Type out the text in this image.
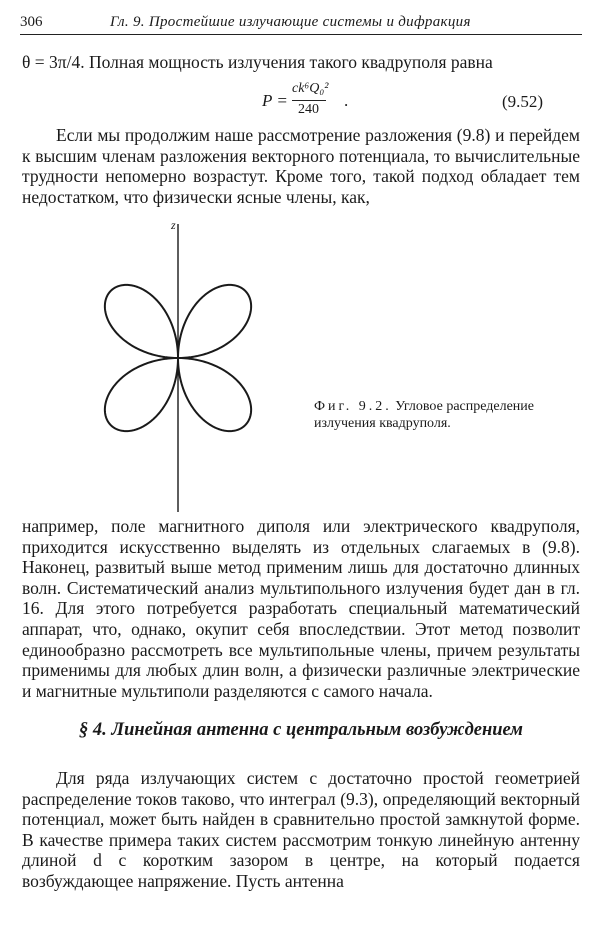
306	Гл. 9. Простейшие излучающие системы и дифракция
θ = 3π/4. Полная мощность излучения такого квадруполя равна
P =
ck⁶Q₀²
240 .	(9.52)
Если мы продолжим наше рассмотрение разложения (9.8) и перейдем к высшим членам разложения векторного потенциала, то вычислительные трудности непомерно возрастут. Кроме того, такой подход обладает тем недостатком, что физически ясные члены, как,
z
Фиг. 9.2. Угловое распределение излучения квадруполя.
например, поле магнитного диполя или электрического квадруполя, приходится искусственно выделять из отдельных слагаемых в (9.8). Наконец, развитый выше метод применим лишь для достаточно длинных волн. Систематический анализ мультипольного излучения будет дан в гл. 16. Для этого потребуется разработать специальный математический аппарат, что, однако, окупит себя впоследствии. Этот метод позволит единообразно рассмотреть все мультипольные члены, причем результаты применимы для любых длин волн, а физически различные электрические и магнитные мультиполи разделяются с самого начала.
§ 4. Линейная антенна с центральным возбуждением
Для ряда излучающих систем с достаточно простой геометрией распределение токов таково, что интеграл (9.3), определяющий векторный потенциал, может быть найден в сравнительно простой замкнутой форме. В качестве примера таких систем рассмотрим тонкую линейную антенну длиной d с коротким зазором в центре, на который подается возбуждающее напряжение. Пусть антенна
